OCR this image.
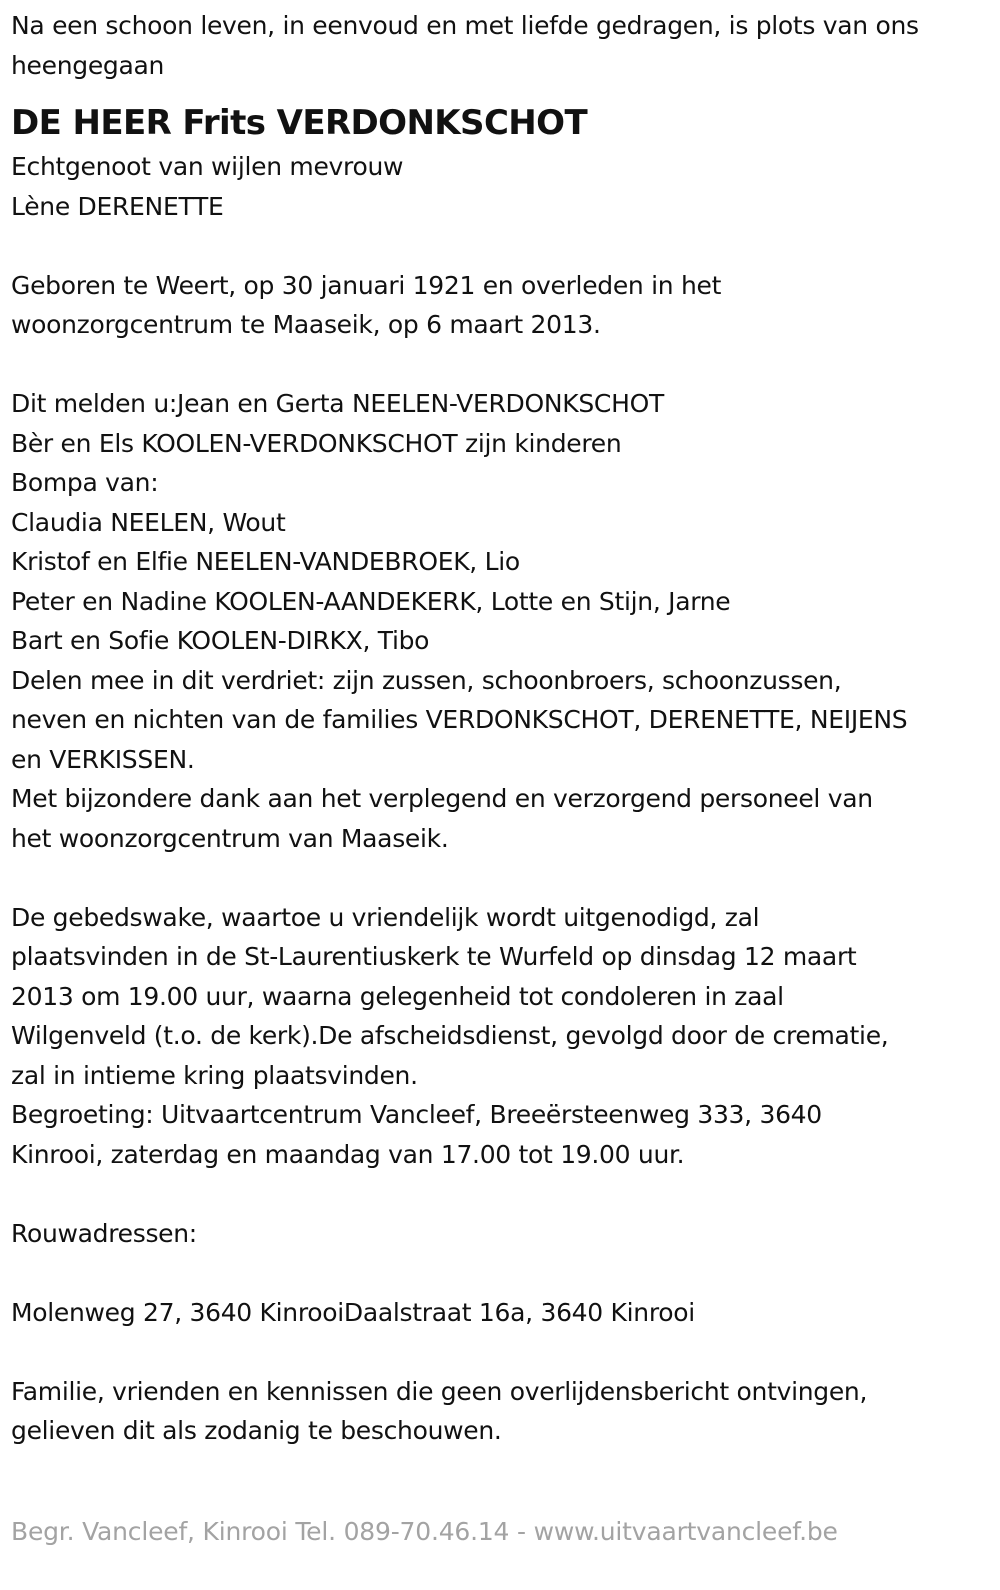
Na een schoon leven, in eenvoud en met liefde gedragen, is plots van ons
heengegaan
DE HEER Frits VERDONKSCHOT
Echtgenoot van wijlen mevrouw
Lène DERENETTE
Geboren te Weert, op 30 januari 1921 en overleden in het
woonzorgcentrum te Maaseik, op 6 maart 2013.
Dit melden u:Jean en Gerta NEELEN-VERDONKSCHOT
Bèr en Els KOOLEN-VERDONKSCHOT zijn kinderen
Bompa van:
Claudia NEELEN, Wout
Kristof en Elfie NEELEN-VANDEBROEK, Lio
Peter en Nadine KOOLEN-AANDEKERK, Lotte en Stijn, Jarne
Bart en Sofie KOOLEN-DIRKX, Tibo
Delen mee in dit verdriet: zijn zussen, schoonbroers, schoonzussen,
neven en nichten van de families VERDONKSCHOT, DERENETTE, NEIJENS
en VERKISSEN.
Met bijzondere dank aan het verplegend en verzorgend personeel van
het woonzorgcentrum van Maaseik.
De gebedswake, waartoe u vriendelijk wordt uitgenodigd, zal
plaatsvinden in de St-Laurentiuskerk te Wurfeld op dinsdag 12 maart
2013 om 19.00 uur, waarna gelegenheid tot condoleren in zaal
Wilgenveld (t.o. de kerk).De afscheidsdienst, gevolgd door de crematie,
zal in intieme kring plaatsvinden.
Begroeting: Uitvaartcentrum Vancleef, Breeërsteenweg 333, 3640
Kinrooi, zaterdag en maandag van 17.00 tot 19.00 uur.
Rouwadressen:
Molenweg 27, 3640 KinrooiDaalstraat 16a, 3640 Kinrooi
Familie, vrienden en kennissen die geen overlijdensbericht ontvingen,
gelieven dit als zodanig te beschouwen.
Begr. Vancleef, Kinrooi Tel. 089-70.46.14 - www.uitvaartvancleef.be
